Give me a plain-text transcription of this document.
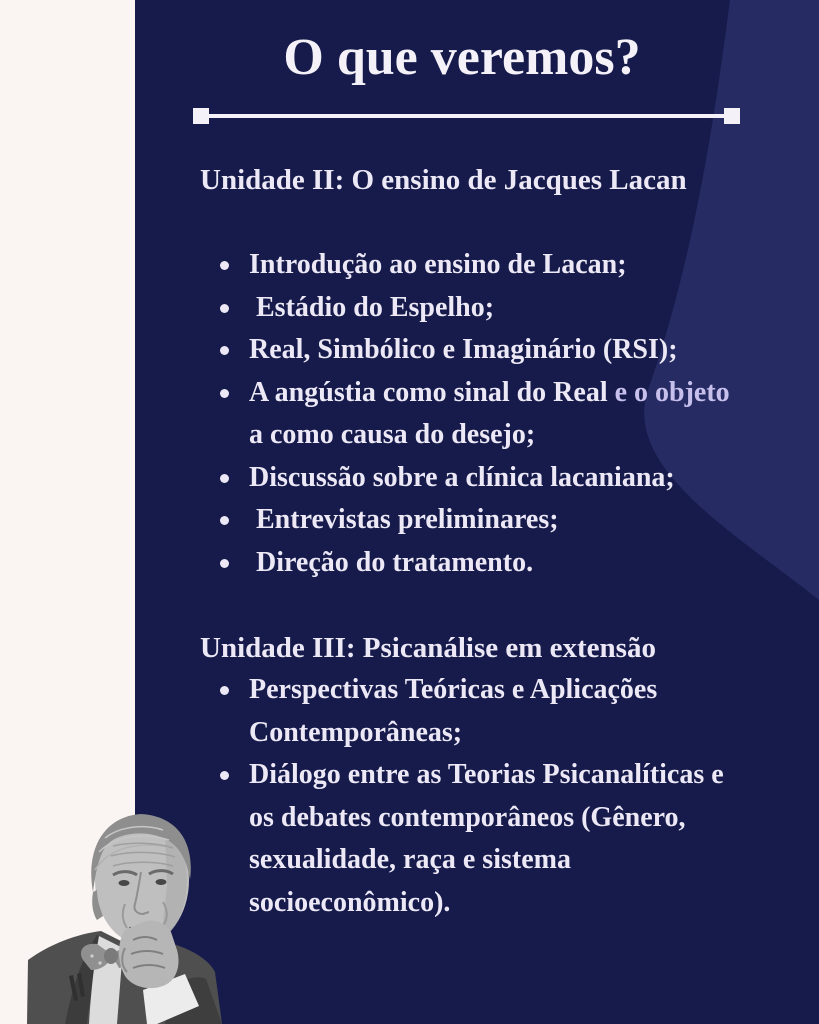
O que veremos?
Unidade II: O ensino de Jacques Lacan
Introdução ao ensino de Lacan;
Estádio do Espelho;
Real, Simbólico e Imaginário (RSI);
A angústia como sinal do Real e o objeto
a como causa do desejo;
Discussão sobre a clínica lacaniana;
Entrevistas preliminares;
Direção do tratamento.
Unidade III: Psicanálise em extensão
Perspectivas Teóricas e Aplicações
Contemporâneas;
Diálogo entre as Teorias Psicanalíticas e
os debates contemporâneos (Gênero,
sexualidade, raça e sistema
socioeconômico).
